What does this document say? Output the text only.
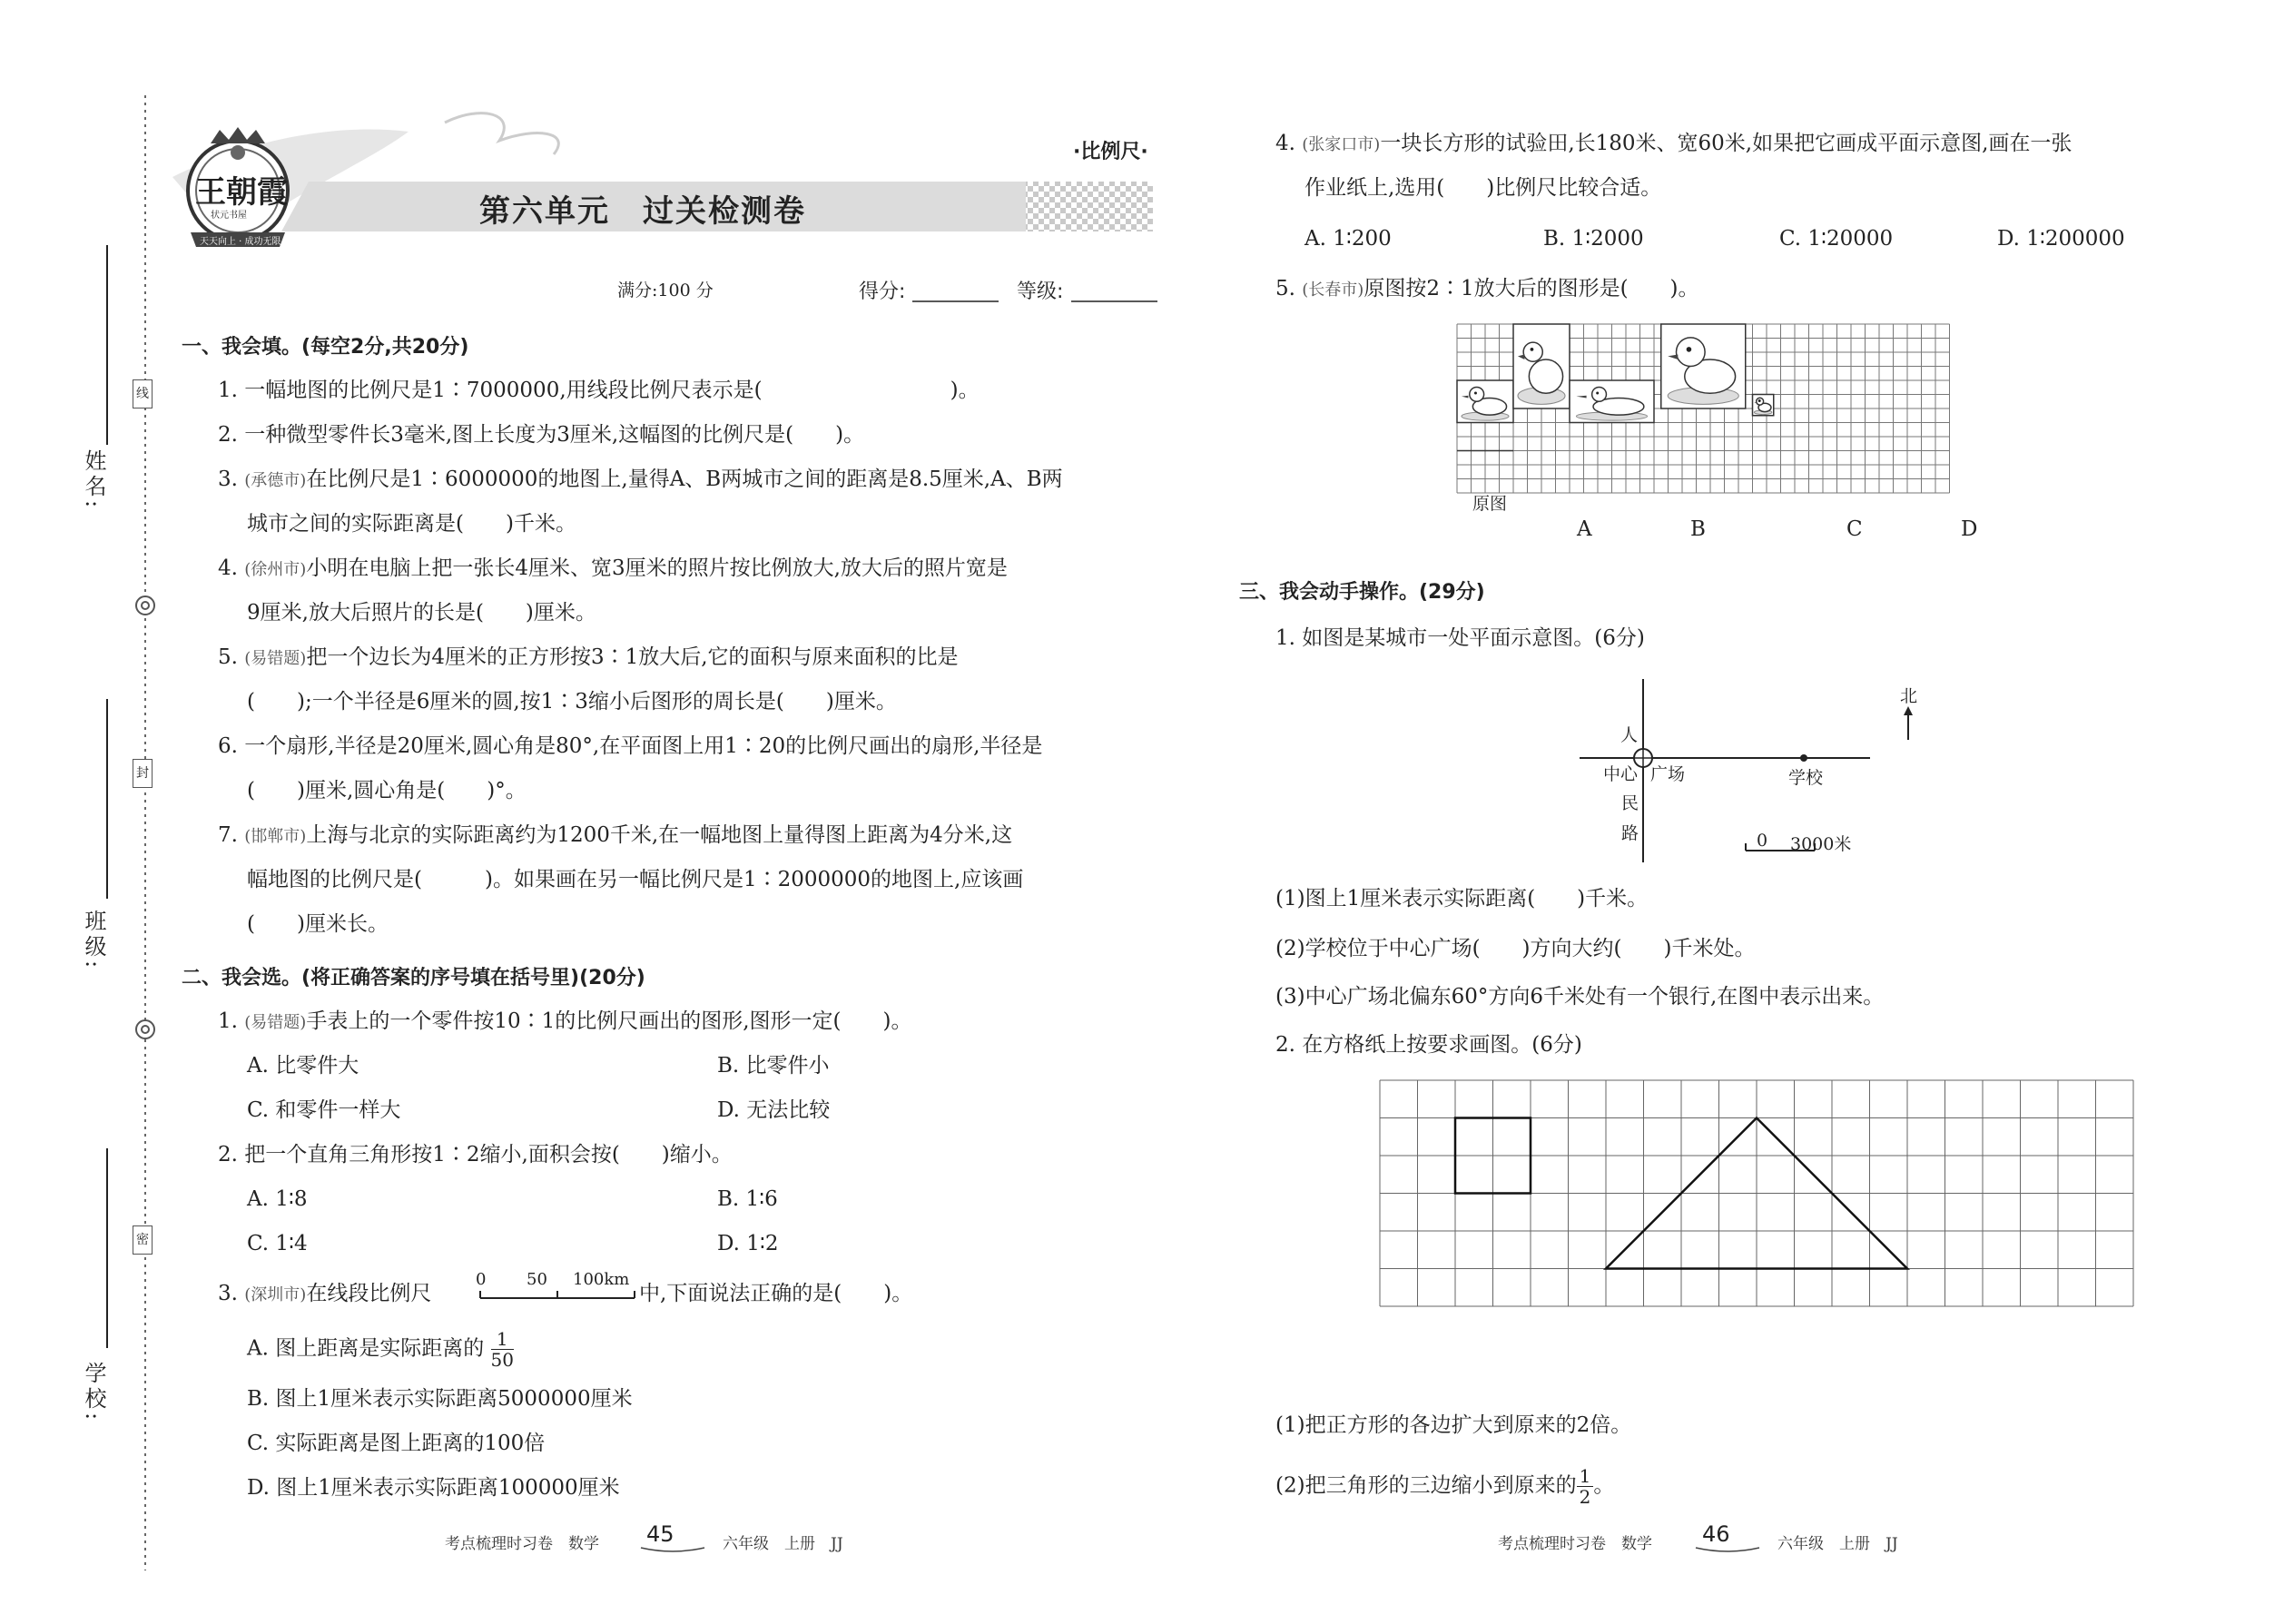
姓名:
班级:
学校:
线
封
密
王朝霞
状元书屋
天天向上 · 成功无限
·比例尺·
第六单元　过关检测卷
满分:100 分	得分:	等级:
一、我会填。(每空2分,共20分)
1. 一幅地图的比例尺是1∶7000000,用线段比例尺表示是(　　　　　　　　　)。
2. 一种微型零件长3毫米,图上长度为3厘米,这幅图的比例尺是(　　)。
3. (承德市)在比例尺是1∶6000000的地图上,量得A、B两城市之间的距离是8.5厘米,A、B两
城市之间的实际距离是(　　)千米。
4. (徐州市)小明在电脑上把一张长4厘米、宽3厘米的照片按比例放大,放大后的照片宽是
9厘米,放大后照片的长是(　　)厘米。
5. (易错题)把一个边长为4厘米的正方形按3∶1放大后,它的面积与原来面积的比是
(　　);一个半径是6厘米的圆,按1∶3缩小后图形的周长是(　　)厘米。
6. 一个扇形,半径是20厘米,圆心角是80°,在平面图上用1∶20的比例尺画出的扇形,半径是
(　　)厘米,圆心角是(　　)°。
7. (邯郸市)上海与北京的实际距离约为1200千米,在一幅地图上量得图上距离为4分米,这
幅地图的比例尺是(　　　)。如果画在另一幅比例尺是1∶2000000的地图上,应该画
(　　)厘米长。
二、我会选。(将正确答案的序号填在括号里)(20分)
1. (易错题)手表上的一个零件按10∶1的比例尺画出的图形,图形一定(　　)。
A. 比零件大	B. 比零件小
C. 和零件一样大	D. 无法比较
2. 把一个直角三角形按1∶2缩小,面积会按(　　)缩小。
A. 1∶8	B. 1∶6
C. 1∶4	D. 1∶2
3. (深圳市)在线段比例尺
0 50 100km
中,下面说法正确的是(　　)。
A. 图上距离是实际距离的 $\frac{1}{50}$
B. 图上1厘米表示实际距离5000000厘米
C. 实际距离是图上距离的100倍
D. 图上1厘米表示实际距离100000厘米
考点梳理时习卷　数学 45	六年级　上册　JJ
4. (张家口市)一块长方形的试验田,长180米、宽60米,如果把它画成平面示意图,画在一张
作业纸上,选用(　　)比例尺比较合适。
A. 1∶200	B. 1∶2000	C. 1∶20000	D. 1∶200000
5. (长春市)原图按2∶1放大后的图形是(　　)。
原图
A	B	C	D
三、我会动手操作。(29分)
1. 如图是某城市一处平面示意图。(6分)
北
人
中心 广场
民
路
学校
0 3000米
(1)图上1厘米表示实际距离(　　)千米。
(2)学校位于中心广场(　　)方向大约(　　)千米处。
(3)中心广场北偏东60°方向6千米处有一个银行,在图中表示出来。
2. 在方格纸上按要求画图。(6分)
(1)把正方形的各边扩大到原来的2倍。
(2)把三角形的三边缩小到原来的 $\frac{1}{2}$ 。
考点梳理时习卷　数学 46	六年级　上册　JJ
